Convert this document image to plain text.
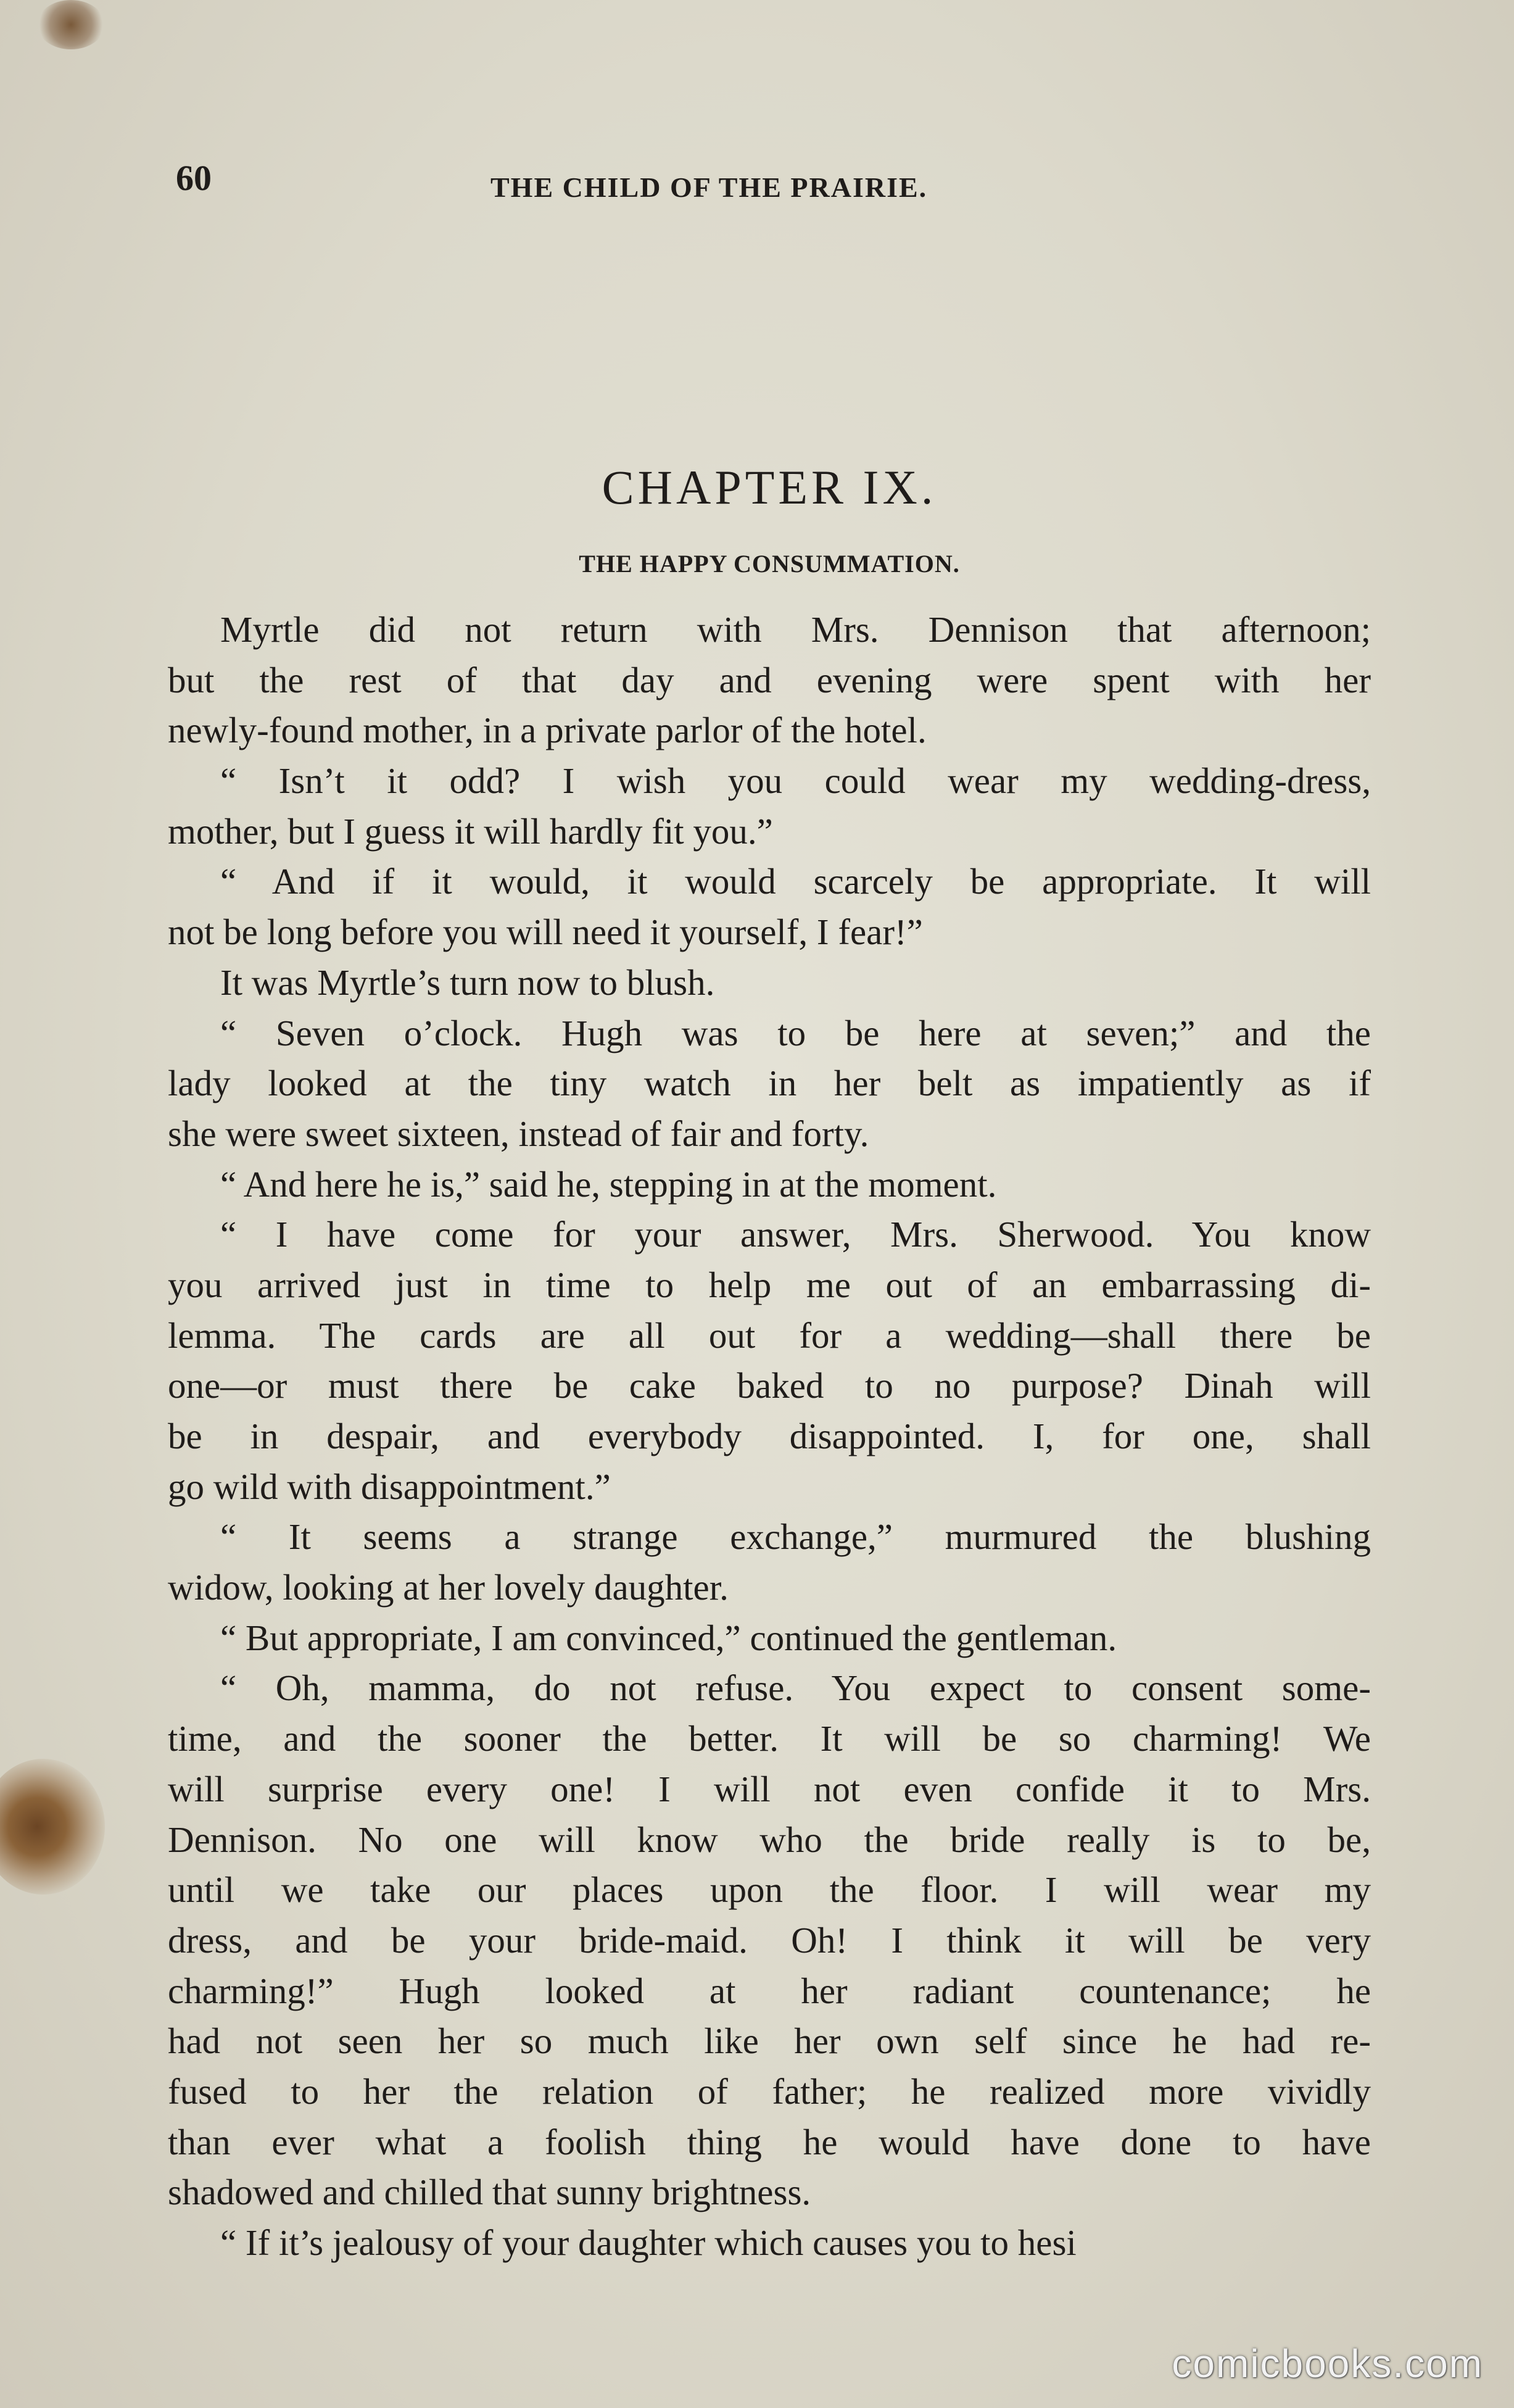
60	THE CHILD OF THE PRAIRIE.
CHAPTER IX.
THE HAPPY CONSUMMATION.
Myrtle did not return with Mrs. Dennison that afternoon;
but the rest of that day and evening were spent with her
newly-found mother, in a private parlor of the hotel.
“ Isn’t it odd? I wish you could wear my wedding-dress,
mother, but I guess it will hardly fit you.”
“ And if it would, it would scarcely be appropriate. It will
not be long before you will need it yourself, I fear!”
It was Myrtle’s turn now to blush.
“ Seven o’clock. Hugh was to be here at seven;” and the
lady looked at the tiny watch in her belt as impatiently as if
she were sweet sixteen, instead of fair and forty.
“ And here he is,” said he, stepping in at the moment.
“ I have come for your answer, Mrs. Sherwood. You know
you arrived just in time to help me out of an embarrassing di-
lemma. The cards are all out for a wedding—shall there be
one—or must there be cake baked to no purpose? Dinah will
be in despair, and everybody disappointed. I, for one, shall
go wild with disappointment.”
“ It seems a strange exchange,” murmured the blushing
widow, looking at her lovely daughter.
“ But appropriate, I am convinced,” continued the gentleman.
“ Oh, mamma, do not refuse. You expect to consent some-
time, and the sooner the better. It will be so charming! We
will surprise every one! I will not even confide it to Mrs.
Dennison. No one will know who the bride really is to be,
until we take our places upon the floor. I will wear my
dress, and be your bride-maid. Oh! I think it will be very
charming!” Hugh looked at her radiant countenance; he
had not seen her so much like her own self since he had re-
fused to her the relation of father; he realized more vividly
than ever what a foolish thing he would have done to have
shadowed and chilled that sunny brightness.
“ If it’s jealousy of your daughter which causes you to hesi
comicbooks.com
